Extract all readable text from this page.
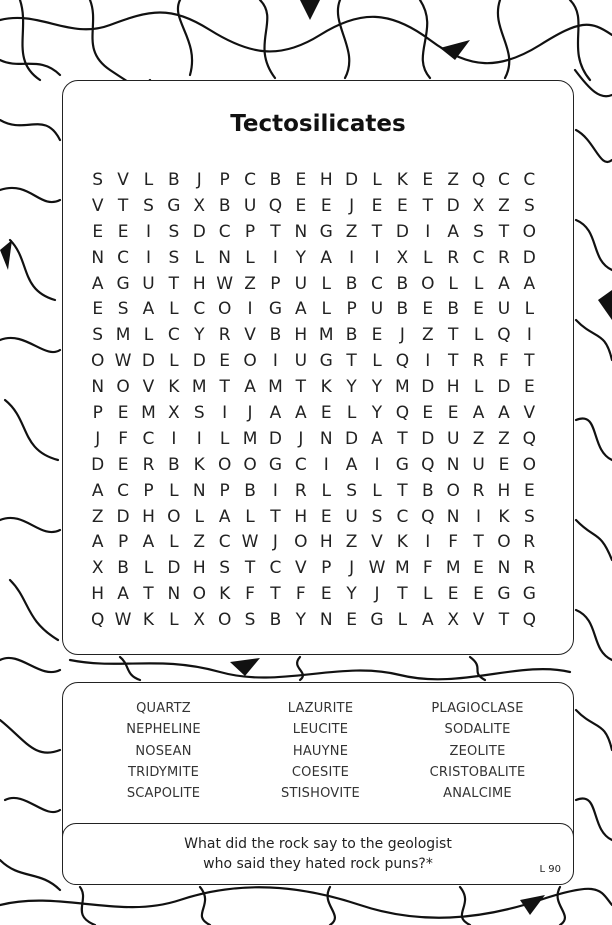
Tectosilicates
S V L B	J	P C B E H D L K E Z Q C C
V T S G X B U Q E E	J	E E T D X Z S
E E	I	S D C P T N G Z T D I	A S T O
N C I	S L N L	I	Y A	I	I	X L R C R D
A G U T H W Z P U L B C B O L L A A
E S A L C O I G A L P U B E B E U L
S M L C Y R V B H M B E	J	Z T L Q I
O W D L D E O I U G T L Q I	T R F T
N O V K M T A M T K Y Y M D H L D E
P E M X S	I	J	A A E L Y Q E E A A V
J	F C I	I	L M D J N D A T D U Z Z Q
D E R B K O O G C I	A	I G Q N U E O
A C P L N P B	I R L S L T B O R H E
Z D H O L A L T H E U S C Q N I	K S
A P A L Z C W J O H Z V K	I	F T O R
X B L D H S T C V P	J W M F M E N R
H A T N O K F T F E Y	J	T L E E G G
Q W K L X O S B Y N E G L A X V T Q
QUARTZ	LAZURITE	PLAGIOCLASE
NEPHELINE	LEUCITE	SODALITE
NOSEAN	HAUYNE	ZEOLITE
TRIDYMITE	COESITE	CRISTOBALITE
SCAPOLITE	STISHOVITE	ANALCIME
What did the rock say to the geologist
who said they hated rock puns?*	L 90
